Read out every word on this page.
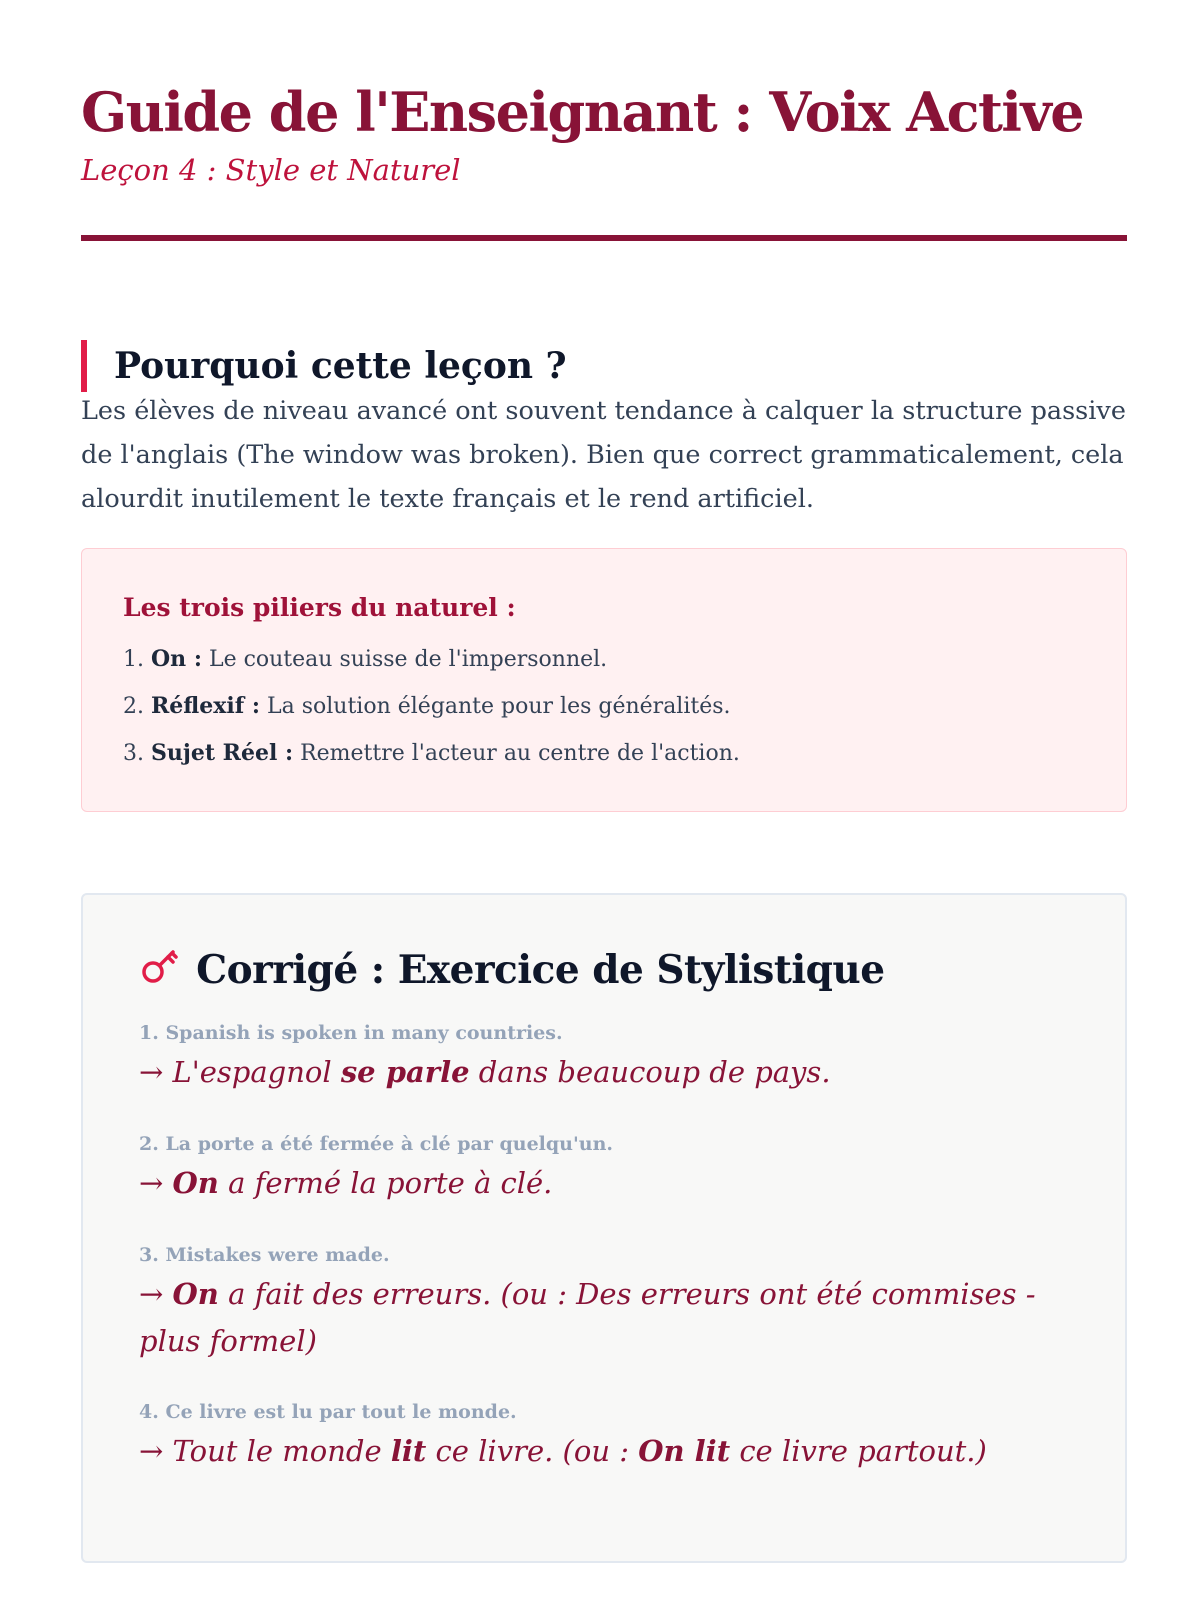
Guide de l'Enseignant : Voix Active
Leçon 4 : Style et Naturel
Pourquoi cette leçon ?

Les élèves de niveau avancé ont souvent tendance à calquer la structure passive de l'anglais (The window was broken). Bien que correct grammaticalement, cela alourdit inutilement le texte français et le rend artificiel.

Les trois piliers du naturel :
1. On : Le couteau suisse de l'impersonnel.
2. Réflexif : La solution élégante pour les généralités.
3. Sujet Réel : Remettre l'acteur au centre de l'action.
Corrigé : Exercice de Stylistique
1. Spanish is spoken in many countries.
→ L'espagnol se parle dans beaucoup de pays.
2. La porte a été fermée à clé par quelqu'un.
→ On a fermé la porte à clé.
3. Mistakes were made.
→ On a fait des erreurs. (ou : Des erreurs ont été commises - plus formel)
4. Ce livre est lu par tout le monde.
→ Tout le monde lit ce livre. (ou : On lit ce livre partout.)
